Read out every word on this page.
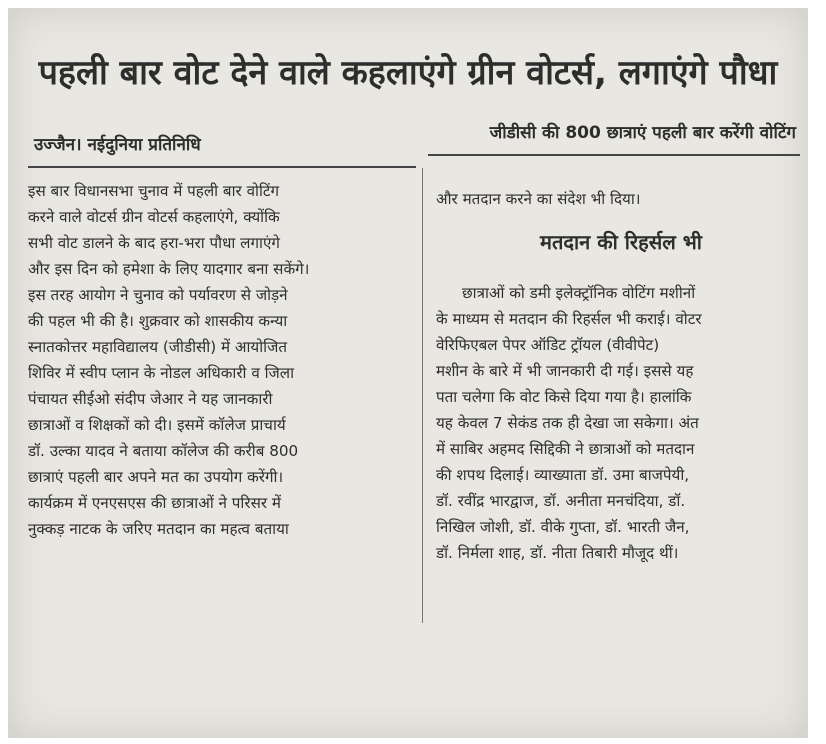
पहली बार वोट देने वाले कहलाएंगे ग्रीन वोटर्स, लगाएंगे पौधा
जीडीसी की 800 छात्राएं पहली बार करेंगी वोटिंग
उज्जैन। नईदुनिया प्रतिनिधि
इस बार विधानसभा चुनाव में पहली बार वोटिंग
करने वाले वोटर्स ग्रीन वोटर्स कहलाएंगे, क्योंकि
सभी वोट डालने के बाद हरा-भरा पौधा लगाएंगे
और इस दिन को हमेशा के लिए यादगार बना सकेंगे।
इस तरह आयोग ने चुनाव को पर्यावरण से जोड़ने
की पहल भी की है। शुक्रवार को शासकीय कन्या
स्नातकोत्तर महाविद्यालय (जीडीसी) में आयोजित
शिविर में स्वीप प्लान के नोडल अधिकारी व जिला
पंचायत सीईओ संदीप जेआर ने यह जानकारी
छात्राओं व शिक्षकों को दी। इसमें कॉलेज प्राचार्य
डॉ. उल्का यादव ने बताया कॉलेज की करीब 800
छात्राएं पहली बार अपने मत का उपयोग करेंगी।
कार्यक्रम में एनएसएस की छात्राओं ने परिसर में
नुक्कड़ नाटक के जरिए मतदान का महत्व बताया
और मतदान करने का संदेश भी दिया।
मतदान की रिहर्सल भी
छात्राओं को डमी इलेक्ट्रॉनिक वोटिंग मशीनों
के माध्यम से मतदान की रिहर्सल भी कराई। वोटर
वेरिफिएबल पेपर ऑडिट ट्रॉयल (वीवीपेट)
मशीन के बारे में भी जानकारी दी गई। इससे यह
पता चलेगा कि वोट किसे दिया गया है। हालांकि
यह केवल 7 सेकंड तक ही देखा जा सकेगा। अंत
में साबिर अहमद सिद्दिकी ने छात्राओं को मतदान
की शपथ दिलाई। व्याख्याता डॉ. उमा बाजपेयी,
डॉ. रवींद्र भारद्वाज, डॉ. अनीता मनचंदिया, डॉ.
निखिल जोशी, डॉ. वीके गुप्ता, डॉ. भारती जैन,
डॉ. निर्मला शाह, डॉ. नीता तिबारी मौजूद थीं।
